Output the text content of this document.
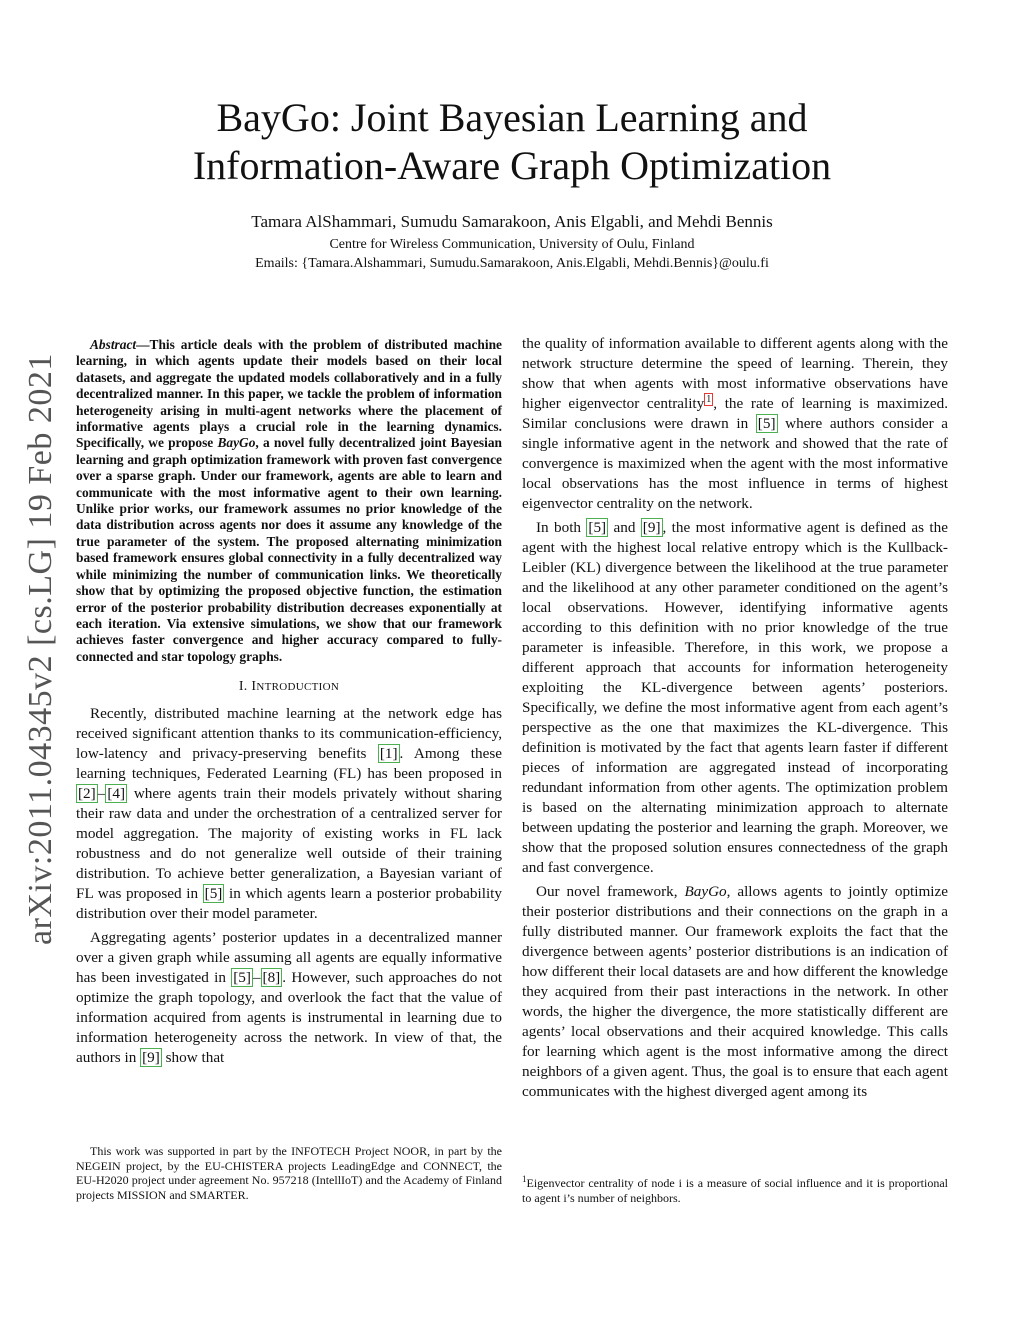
BayGo: Joint Bayesian Learning and
Information-Aware Graph Optimization
Tamara AlShammari, Sumudu Samarakoon, Anis Elgabli, and Mehdi Bennis
Centre for Wireless Communication, University of Oulu, Finland
Emails: {Tamara.Alshammari, Sumudu.Samarakoon, Anis.Elgabli, Mehdi.Bennis}@oulu.fi
arXiv:2011.04345v2 [cs.LG] 19 Feb 2021

Abstract—This article deals with the problem of distributed machine learning, in which agents update their models based on their local datasets, and aggregate the updated models collaboratively and in a fully decentralized manner. In this paper, we tackle the problem of information heterogeneity arising in multi-agent networks where the placement of informative agents plays a crucial role in the learning dynamics. Specifically, we propose BayGo, a novel fully decentralized joint Bayesian learning and graph optimization framework with proven fast convergence over a sparse graph. Under our framework, agents are able to learn and communicate with the most informative agent to their own learning. Unlike prior works, our framework assumes no prior knowledge of the data distribution across agents nor does it assume any knowledge of the true parameter of the system. The proposed alternating minimization based framework ensures global connectivity in a fully decentralized way while minimizing the number of communication links. We theoretically show that by optimizing the proposed objective function, the estimation error of the posterior probability distribution decreases exponentially at each iteration. Via extensive simulations, we show that our framework achieves faster convergence and higher accuracy compared to fully-connected and star topology graphs.

I. INTRODUCTION

Recently, distributed machine learning at the network edge has received significant attention thanks to its communication-efficiency, low-latency and privacy-preserving benefits [1] . Among these learning techniques, Federated Learning (FL) has been proposed in [2] – [4] where agents train their models privately without sharing their raw data and under the orchestration of a centralized server for model aggregation. The majority of existing works in FL lack robustness and do not generalize well outside of their training distribution. To achieve better generalization, a Bayesian variant of FL was proposed in [5] in which agents learn a posterior probability distribution over their model parameter.

Aggregating agents’ posterior updates in a decentralized manner over a given graph while assuming all agents are equally informative has been investigated in [5] – [8] . However, such approaches do not optimize the graph topology, and overlook the fact that the value of information acquired from agents is instrumental in learning due to information heterogeneity across the network. In view of that, the authors in [9] show that

This work was supported in part by the INFOTECH Project NOOR, in part by the NEGEIN project, by the EU-CHISTERA projects LeadingEdge and CONNECT, the EU-H2020 project under agreement No. 957218 (IntellIoT) and the Academy of Finland projects MISSION and SMARTER.

the quality of information available to different agents along with the network structure determine the speed of learning. Therein, they show that when agents with most informative observations have higher eigenvector centrality $^1$ , the rate of learning is maximized. Similar conclusions were drawn in [5] where authors consider a single informative agent in the network and showed that the rate of convergence is maximized when the agent with the most informative local observations has the most influence in terms of highest eigenvector centrality on the network.

In both [5] and [9] , the most informative agent is defined as the agent with the highest local relative entropy which is the Kullback-Leibler (KL) divergence between the likelihood at the true parameter and the likelihood at any other parameter conditioned on the agent’s local observations. However, identifying informative agents according to this definition with no prior knowledge of the true parameter is infeasible. Therefore, in this work, we propose a different approach that accounts for information heterogeneity exploiting the KL-divergence between agents’ posteriors. Specifically, we define the most informative agent from each agent’s perspective as the one that maximizes the KL-divergence. This definition is motivated by the fact that agents learn faster if different pieces of information are aggregated instead of incorporating redundant information from other agents. The optimization problem is based on the alternating minimization approach to alternate between updating the posterior and learning the graph. Moreover, we show that the proposed solution ensures connectedness of the graph and fast convergence.

Our novel framework, BayGo, allows agents to jointly optimize their posterior distributions and their connections on the graph in a fully distributed manner. Our framework exploits the fact that the divergence between agents’ posterior distributions is an indication of how different their local datasets are and how different the knowledge they acquired from their past interactions in the network. In other words, the higher the divergence, the more statistically different are agents’ local observations and their acquired knowledge. This calls for learning which agent is the most informative among the direct neighbors of a given agent. Thus, the goal is to ensure that each agent communicates with the highest diverged agent among its

$^1$Eigenvector centrality of node i is a measure of social influence and it is proportional to agent i’s number of neighbors.
